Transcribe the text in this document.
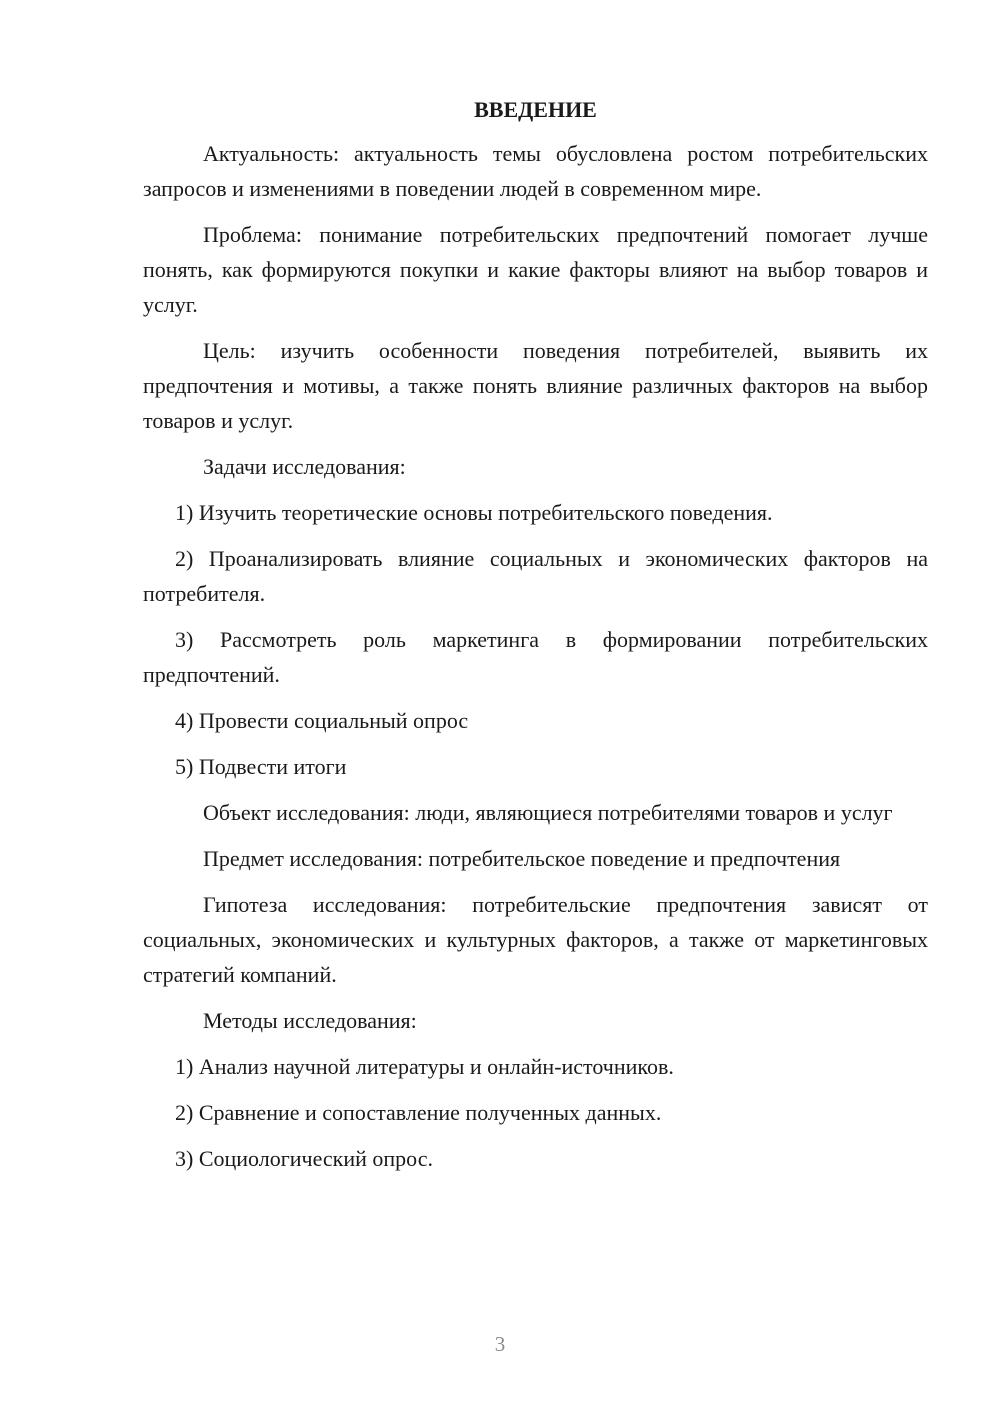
ВВЕДЕНИЕ

Актуальность: актуальность темы обусловлена ростом потребительских запросов и изменениями в поведении людей в современном мире.

Проблема: понимание потребительских предпочтений помогает лучше понять, как формируются покупки и какие факторы влияют на выбор товаров и услуг.

Цель: изучить особенности поведения потребителей, выявить их предпочтения и мотивы, а также понять влияние различных факторов на выбор товаров и услуг.

Задачи исследования:

1) Изучить теоретические основы потребительского поведения.

2) Проанализировать влияние социальных и экономических факторов на потребителя.

3) Рассмотреть роль маркетинга в формировании потребительских предпочтений.

4) Провести социальный опрос

5) Подвести итоги

Объект исследования: люди, являющиеся потребителями товаров и услуг

Предмет исследования: потребительское поведение и предпочтения

Гипотеза исследования: потребительские предпочтения зависят от социальных, экономических и культурных факторов, а также от маркетинговых стратегий компаний.

Методы исследования:

1) Анализ научной литературы и онлайн-источников.

2) Сравнение и сопоставление полученных данных.

3) Социологический опрос.

3
